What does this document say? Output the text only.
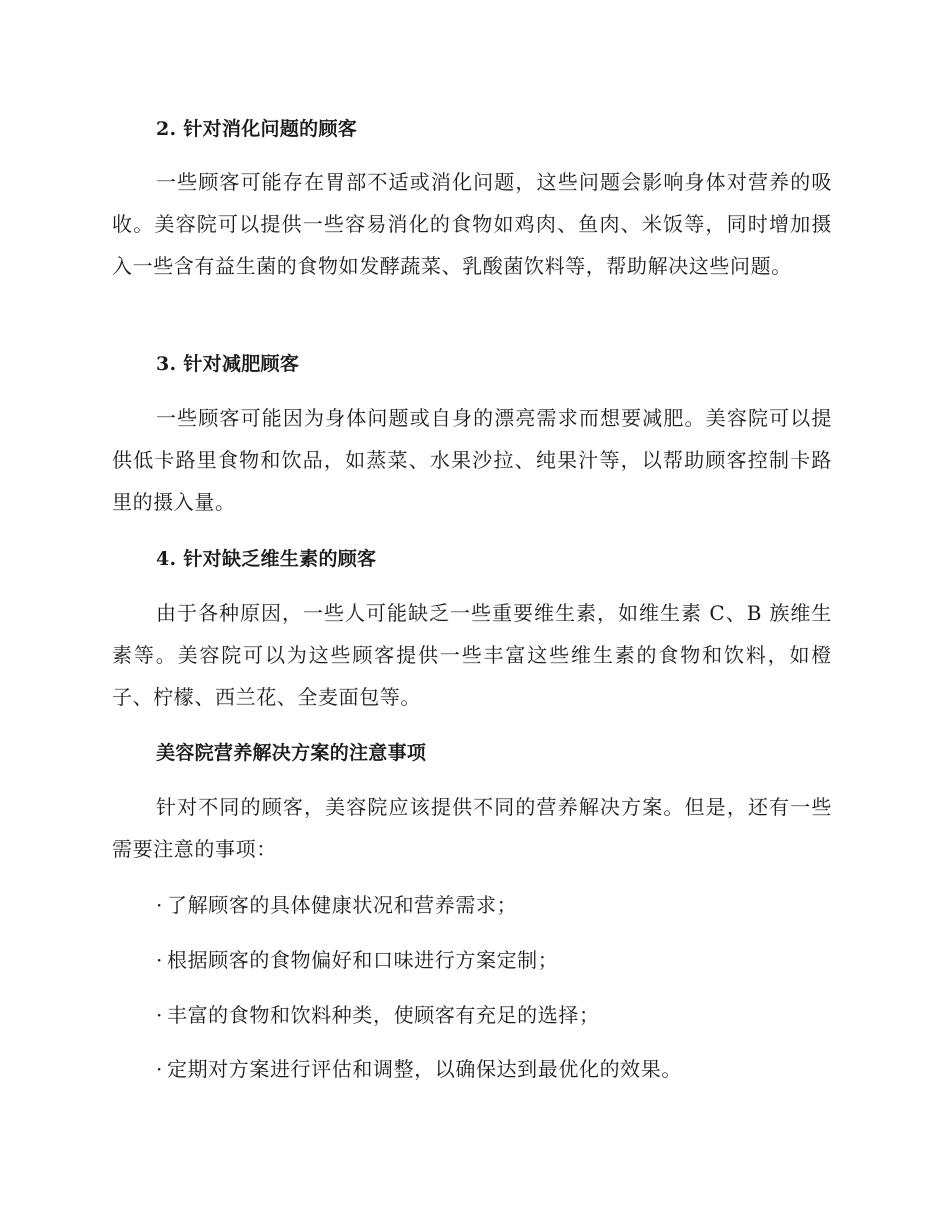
2. 针对消化问题的顾客

一些顾客可能存在胃部不适或消化问题，这些问题会影响身体对营养的吸收。美容院可以提供一些容易消化的食物如鸡肉、鱼肉、米饭等，同时增加摄入一些含有益生菌的食物如发酵蔬菜、乳酸菌饮料等，帮助解决这些问题。

3. 针对减肥顾客

一些顾客可能因为身体问题或自身的漂亮需求而想要减肥。美容院可以提供低卡路里食物和饮品，如蒸菜、水果沙拉、纯果汁等，以帮助顾客控制卡路里的摄入量。

4. 针对缺乏维生素的顾客

由于各种原因，一些人可能缺乏一些重要维生素，如维生素 C、B 族维生素等。美容院可以为这些顾客提供一些丰富这些维生素的食物和饮料，如橙子、柠檬、西兰花、全麦面包等。

美容院营养解决方案的注意事项

针对不同的顾客，美容院应该提供不同的营养解决方案。但是，还有一些需要注意的事项：

· 了解顾客的具体健康状况和营养需求；
· 根据顾客的食物偏好和口味进行方案定制；
· 丰富的食物和饮料种类，使顾客有充足的选择；
· 定期对方案进行评估和调整，以确保达到最优化的效果。
